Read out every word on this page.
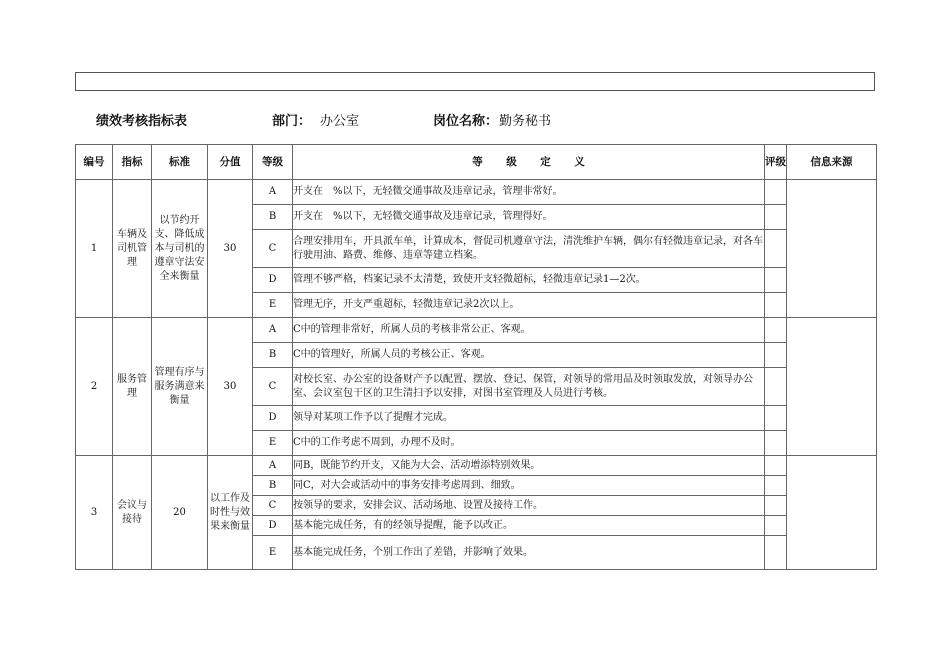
绩效考核指标表	部门： 办公室	岗位名称： 勤务秘书
编号	指标	标准	分值	等级	等 级 定 义	评级	信息来源
1	车辆及司机管理	以节约开支、降低成本与司机的遵章守法安全来衡量	30	A	开支在　%以下，无轻微交通事故及违章记录，管理非常好。		
				B	开支在　%以下，无轻微交通事故及违章记录，管理得好。		
				C	合理安排用车，开具派车单，计算成本，督促司机遵章守法，清洗维护车辆，偶尔有轻微违章记录，对各车行驶用油、路费、维修、违章等建立档案。		
				D	管理不够严格，档案记录不太清楚，致使开支轻微超标，轻微违章记录1—2次。		
				E	管理无序，开支严重超标，轻微违章记录2次以上。		
2	服务管理	管理有序与服务满意来衡量	30	A	C中的管理非常好，所属人员的考核非常公正、客观。		
				B	C中的管理好，所属人员的考核公正、客观。		
				C	对校长室、办公室的设备财产予以配置、摆放、登记、保管，对领导的常用品及时领取发放，对领导办公室、会议室包干区的卫生清扫予以安排，对图书室管理及人员进行考核。		
				D	领导对某项工作予以了提醒才完成。		
				E	C中的工作考虑不周到，办理不及时。		
3	会议与接待	20	以工作及时性与效果来衡量	A	同B，既能节约开支，又能为大会、活动增添特别效果。		
				B	同C，对大会或活动中的事务安排考虑周到、细致。		
				C	按领导的要求，安排会议、活动场地、设置及接待工作。		
				D	基本能完成任务，有的经领导提醒，能予以改正。		
				E	基本能完成任务，个别工作出了差错，并影响了效果。		
